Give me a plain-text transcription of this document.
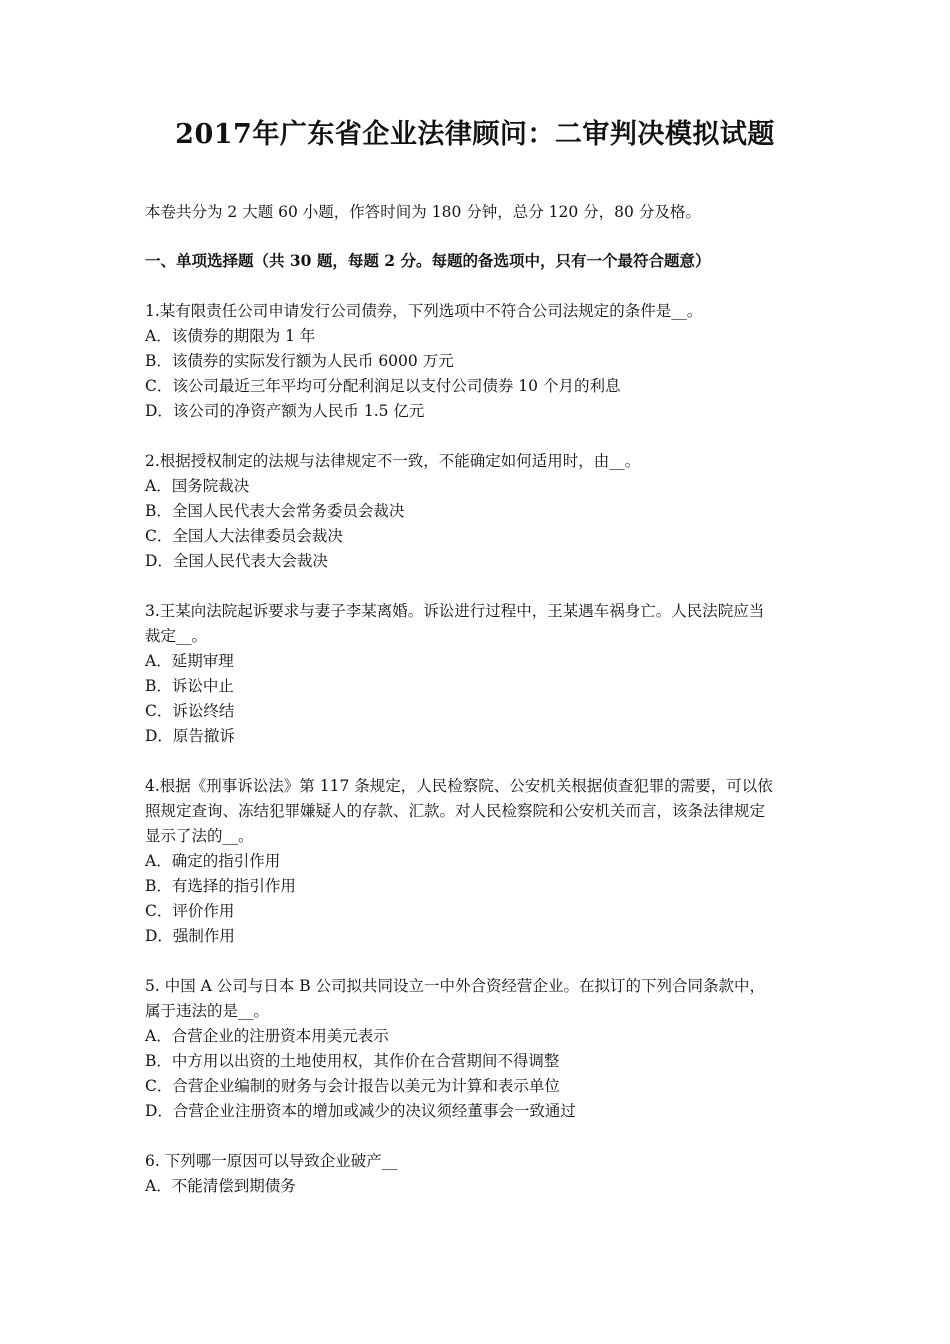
2017年广东省企业法律顾问：二审判决模拟试题
本卷共分为 2 大题 60 小题，作答时间为 180 分钟，总分 120 分，80 分及格。
一、单项选择题（共 30 题，每题 2 分。每题的备选项中，只有一个最符合题意）
1.某有限责任公司申请发行公司债券，下列选项中不符合公司法规定的条件是__。
A．该债券的期限为 1 年
B．该债券的实际发行额为人民币 6000 万元
C．该公司最近三年平均可分配利润足以支付公司债券 10 个月的利息
D．该公司的净资产额为人民币 1.5 亿元
2.根据授权制定的法规与法律规定不一致，不能确定如何适用时，由__。
A．国务院裁决
B．全国人民代表大会常务委员会裁决
C．全国人大法律委员会裁决
D．全国人民代表大会裁决
3.王某向法院起诉要求与妻子李某离婚。诉讼进行过程中，王某遇车祸身亡。人民法院应当
裁定__。
A．延期审理
B．诉讼中止
C．诉讼终结
D．原告撤诉
4.根据《刑事诉讼法》第 117 条规定，人民检察院、公安机关根据侦查犯罪的需要，可以依
照规定查询、冻结犯罪嫌疑人的存款、汇款。对人民检察院和公安机关而言，该条法律规定
显示了法的__。
A．确定的指引作用
B．有选择的指引作用
C．评价作用
D．强制作用
5. 中国 A 公司与日本 B 公司拟共同设立一中外合资经营企业。在拟订的下列合同条款中，
属于违法的是__。
A．合营企业的注册资本用美元表示
B．中方用以出资的土地使用权，其作价在合营期间不得调整
C．合营企业编制的财务与会计报告以美元为计算和表示单位
D．合营企业注册资本的增加或减少的决议须经董事会一致通过
6. 下列哪一原因可以导致企业破产__
A．不能清偿到期债务
